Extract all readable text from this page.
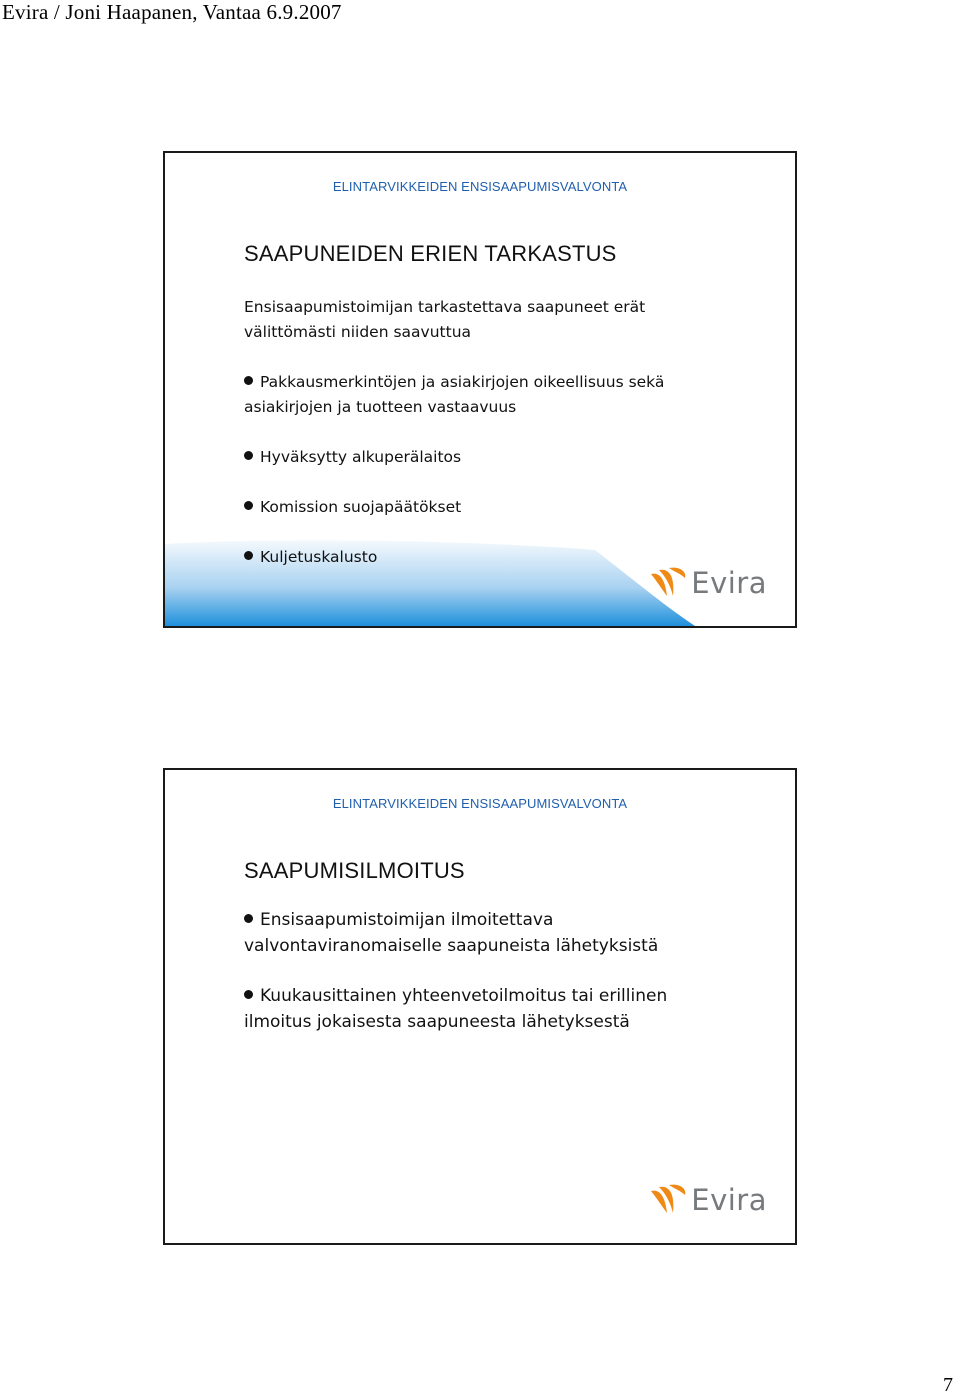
Evira / Joni Haapanen, Vantaa 6.9.2007
ELINTARVIKKEIDEN ENSISAAPUMISVALVONTA
SAAPUNEIDEN ERIEN TARKASTUS

Ensisaapumistoimijan tarkastettava saapuneet erät
välittömästi niiden saavuttua

Pakkausmerkintöjen ja asiakirjojen oikeellisuus sekä
asiakirjojen ja tuotteen vastaavuus

Hyväksytty alkuperälaitos

Komission suojapäätökset

Kuljetuskalusto

Evira
ELINTARVIKKEIDEN ENSISAAPUMISVALVONTA
SAAPUMISILMOITUS

Ensisaapumistoimijan ilmoitettava
valvontaviranomaiselle saapuneista lähetyksistä

Kuukausittainen yhteenvetoilmoitus tai erillinen
ilmoitus jokaisesta saapuneesta lähetyksestä

Evira
7
